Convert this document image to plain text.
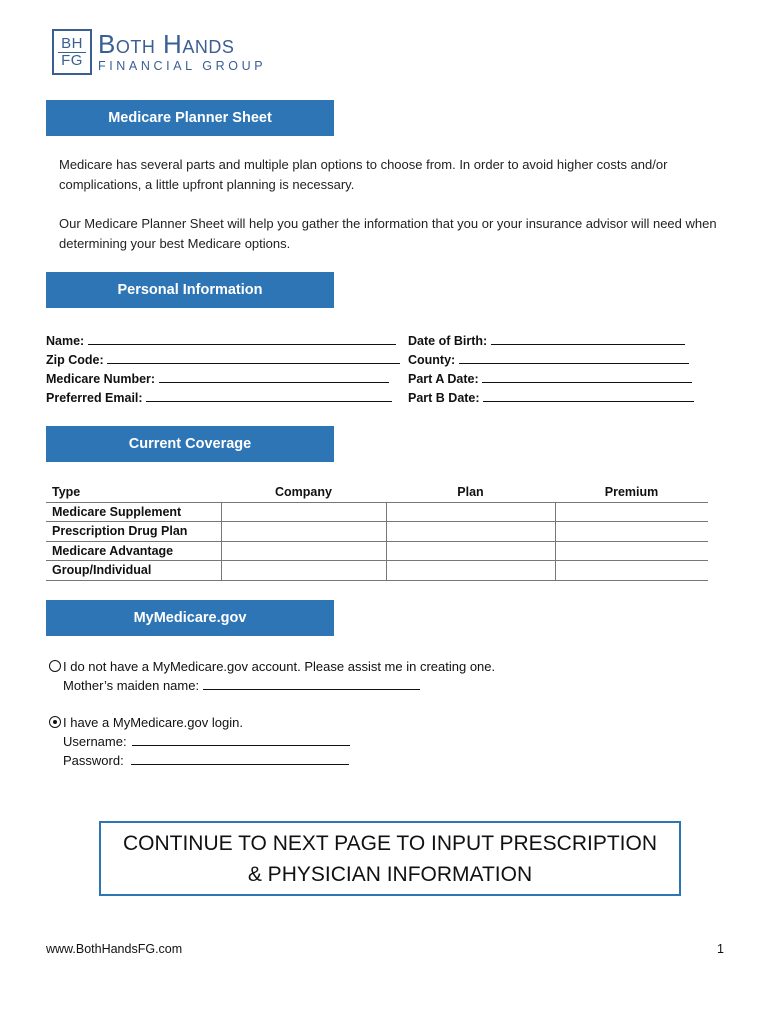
BH
FG
Both Hands
FINANCIAL GROUP
Medicare Planner Sheet
Medicare has several parts and multiple plan options to choose from. In order to avoid higher costs and/or complications, a little upfront planning is necessary.
Our Medicare Planner Sheet will help you gather the information that you or your insurance advisor will need when determining your best Medicare options.
Personal Information
Name:
Zip Code:
Medicare Number:
Preferred Email:
Date of Birth:
County:
Part A Date:
Part B Date:
Current Coverage
Type	Company	Plan	Premium
Medicare Supplement			
Prescription Drug Plan			
Medicare Advantage			
Group/Individual			
MyMedicare.gov
I do not have a MyMedicare.gov account. Please assist me in creating one.
Mother’s maiden name:
I have a MyMedicare.gov login.
Username:
Password:
CONTINUE TO NEXT PAGE TO INPUT PRESCRIPTION
& PHYSICIAN INFORMATION
www.BothHandsFG.com	1
